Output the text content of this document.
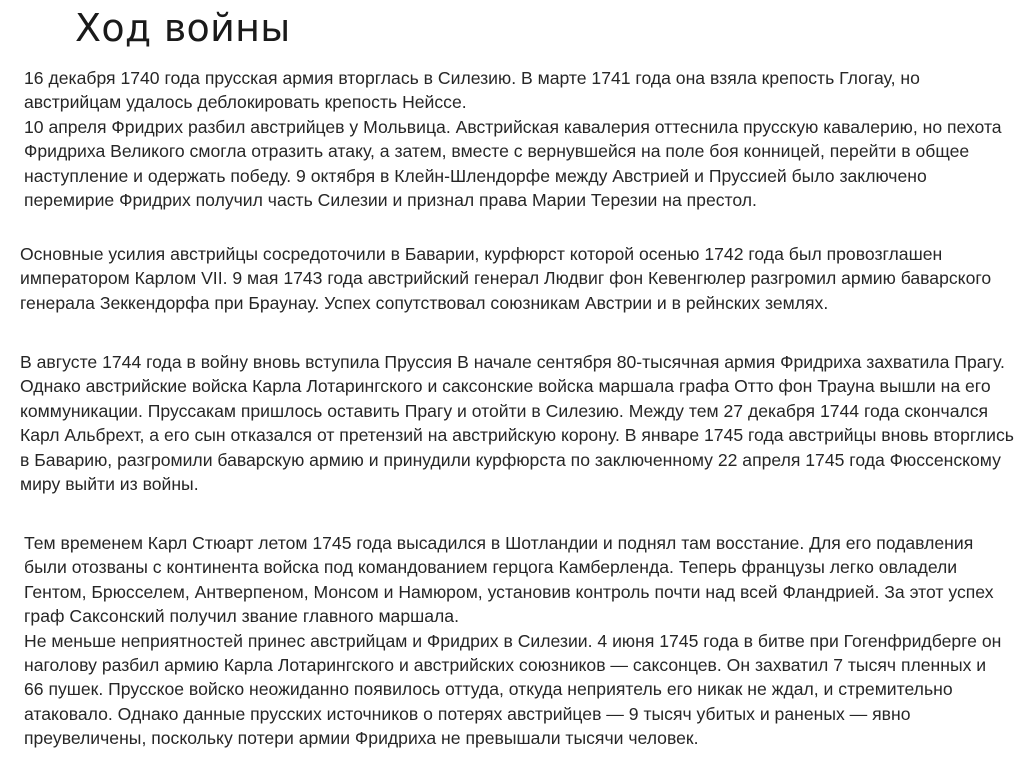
Ход войны

16 декабря 1740 года прусская армия вторглась в Силезию. В марте 1741 года она взяла крепость Глогау, но австрийцам удалось деблокировать крепость Нейссе.

10 апреля Фридрих разбил австрийцев у Мольвица. Австрийская кавалерия оттеснила прусскую кавалерию, но пехота Фридриха Великого смогла отразить атаку, а затем, вместе с вернувшейся на поле боя конницей, перейти в общее наступление и одержать победу. 9 октября в Клейн-Шлендорфе между Австрией и Пруссией было заключено перемирие Фридрих получил часть Силезии и признал права Марии Терезии на престол.

Основные усилия австрийцы сосредоточили в Баварии, курфюрст которой осенью 1742 года был провозглашен императором Карлом VII. 9 мая 1743 года австрийский генерал Людвиг фон Кевенгюлер разгромил армию баварского генерала Зеккендорфа при Браунау. Успех сопутствовал союзникам Австрии и в рейнских землях.

В августе 1744 года в войну вновь вступила Пруссия В начале сентября 80-тысячная армия Фридриха захватила Прагу. Однако австрийские войска Карла Лотарингского и саксонские войска маршала графа Отто фон Трауна вышли на его коммуникации. Пруссакам пришлось оставить Прагу и отойти в Силезию. Между тем 27 декабря 1744 года скончался Карл Альбрехт, а его сын отказался от претензий на австрийскую корону. В январе 1745 года австрийцы вновь вторглись в Баварию, разгромили баварскую армию и принудили курфюрста по заключенному 22 апреля 1745 года Фюссенскому миру выйти из войны.

Тем временем Карл Стюарт летом 1745 года высадился в Шотландии и поднял там восстание. Для его подавления были отозваны с континента войска под командованием герцога Камберленда. Теперь французы легко овладели Гентом, Брюсселем, Антверпеном, Монсом и Намюром, установив контроль почти над всей Фландрией. За этот успех граф Саксонский получил звание главного маршала.

Не меньше неприятностей принес австрийцам и Фридрих в Силезии. 4 июня 1745 года в битве при Гогенфридберге он наголову разбил армию Карла Лотарингского и австрийских союзников — саксонцев. Он захватил 7 тысяч пленных и 66 пушек. Прусское войско неожиданно появилось оттуда, откуда неприятель его никак не ждал, и стремительно атаковало. Однако данные прусских источников о потерях австрийцев — 9 тысяч убитых и раненых — явно преувеличены, поскольку потери армии Фридриха не превышали тысячи человек.
